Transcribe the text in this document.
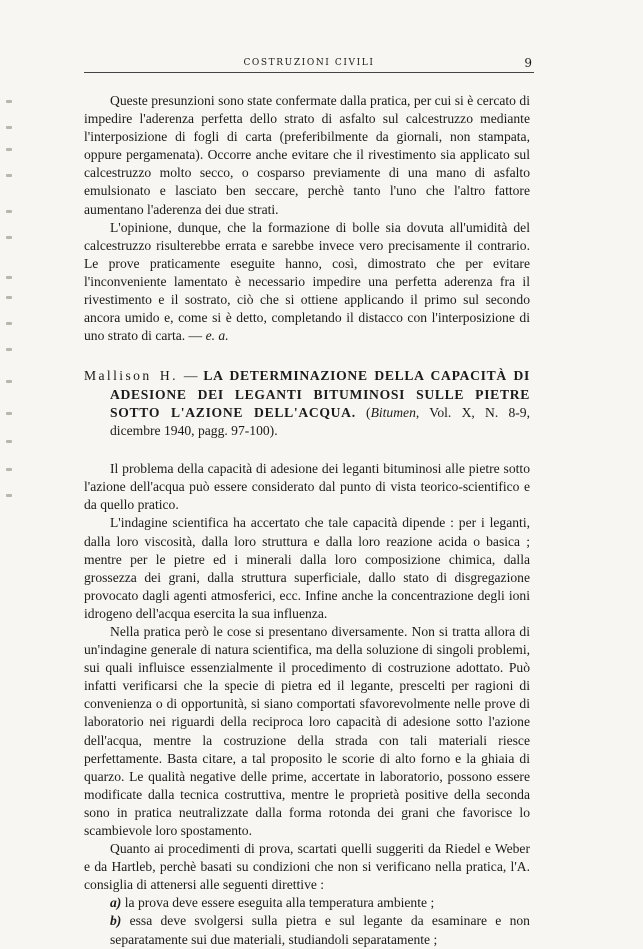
COSTRUZIONI CIVILI	9

Queste presunzioni sono state confermate dalla pratica, per cui si è cercato di impedire l'aderenza perfetta dello strato di asfalto sul calcestruzzo mediante l'interposizione di fogli di carta (preferibilmente da giornali, non stampata, oppure pergamenata). Occorre anche evitare che il rivestimento sia applicato sul calcestruzzo molto secco, o cosparso previamente di una mano di asfalto emulsionato e lasciato ben seccare, perchè tanto l'uno che l'altro fattore aumentano l'aderenza dei due strati.

L'opinione, dunque, che la formazione di bolle sia dovuta all'umidità del calcestruzzo risulterebbe errata e sarebbe invece vero precisamente il contrario. Le prove praticamente eseguite hanno, così, dimostrato che per evitare l'inconveniente lamentato è necessario impedire una perfetta aderenza fra il rivestimento e il sostrato, ciò che si ottiene applicando il primo sul secondo ancora umido e, come si è detto, completando il distacco con l'interposizione di uno strato di carta. — e. a.

Mallison H. — LA DETERMINAZIONE DELLA CAPACITÀ DI ADESIONE DEI LEGANTI BITUMINOSI SULLE PIETRE SOTTO L'AZIONE DELL'ACQUA. (Bitumen, Vol. X, N. 8-9, dicembre 1940, pagg. 97-100).

Il problema della capacità di adesione dei leganti bituminosi alle pietre sotto l'azione dell'acqua può essere considerato dal punto di vista teorico-scientifico e da quello pratico.

L'indagine scientifica ha accertato che tale capacità dipende : per i leganti, dalla loro viscosità, dalla loro struttura e dalla loro reazione acida o basica ; mentre per le pietre ed i minerali dalla loro composizione chimica, dalla grossezza dei grani, dalla struttura superficiale, dallo stato di disgregazione provocato dagli agenti atmosferici, ecc. Infine anche la concentrazione degli ioni idrogeno dell'acqua esercita la sua influenza.

Nella pratica però le cose si presentano diversamente. Non si tratta allora di un'indagine generale di natura scientifica, ma della soluzione di singoli problemi, sui quali influisce essenzialmente il procedimento di costruzione adottato. Può infatti verificarsi che la specie di pietra ed il legante, prescelti per ragioni di convenienza o di opportunità, si siano comportati sfavorevolmente nelle prove di laboratorio nei riguardi della reciproca loro capacità di adesione sotto l'azione dell'acqua, mentre la costruzione della strada con tali materiali riesce perfettamente. Basta citare, a tal proposito le scorie di alto forno e la ghiaia di quarzo. Le qualità negative delle prime, accertate in laboratorio, possono essere modificate dalla tecnica costruttiva, mentre le proprietà positive della seconda sono in pratica neutralizzate dalla forma rotonda dei grani che favorisce lo scambievole loro spostamento.

Quanto ai procedimenti di prova, scartati quelli suggeriti da Riedel e Weber e da Hartleb, perchè basati su condizioni che non si verificano nella pratica, l'A. consiglia di attenersi alle seguenti direttive :

a) la prova deve essere eseguita alla temperatura ambiente ;

b) essa deve svolgersi sulla pietra e sul legante da esaminare e non separatamente sui due materiali, studiandoli separatamente ;
